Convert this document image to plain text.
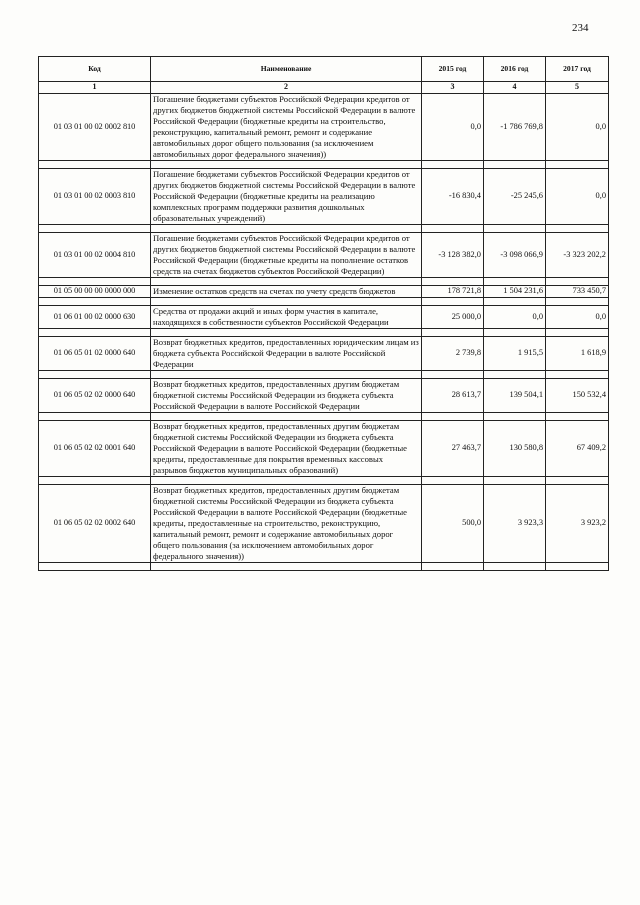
234
Код	Наименование	2015 год	2016 год	2017 год
1	2	3	4	5
01 03 01 00 02 0002 810	Погашение бюджетами субъектов Российской Федерации кредитов от других бюджетов бюджетной системы Российской Федерации в валюте Российской Федерации (бюджетные кредиты на строительство, реконструкцию, капитальный ремонт, ремонт и содержание автомобильных дорог общего пользования (за исключением автомобильных дорог федерального значения))	0,0	-1 786 769,8	0,0

01 03 01 00 02 0003 810	Погашение бюджетами субъектов Российской Федерации кредитов от других бюджетов бюджетной системы Российской Федерации в валюте Российской Федерации (бюджетные кредиты на реализацию комплексных программ поддержки развития дошкольных образовательных учреждений)	-16 830,4	-25 245,6	0,0

01 03 01 00 02 0004 810	Погашение бюджетами субъектов Российской Федерации кредитов от других бюджетов бюджетной системы Российской Федерации в валюте Российской Федерации (бюджетные кредиты на пополнение остатков средств на счетах бюджетов субъектов Российской Федерации)	-3 128 382,0	-3 098 066,9	-3 323 202,2

01 05 00 00 00 0000 000	Изменение остатков средств на счетах по учету средств бюджетов	178 721,8	1 504 231,6	733 450,7

01 06 01 00 02 0000 630	Средства от продажи акций и иных форм участия в капитале, находящихся в собственности субъектов Российской Федерации	25 000,0	0,0	0,0

01 06 05 01 02 0000 640	Возврат бюджетных кредитов, предоставленных юридическим лицам из бюджета субъекта Российской Федерации в валюте Российской Федерации	2 739,8	1 915,5	1 618,9

01 06 05 02 02 0000 640	Возврат бюджетных кредитов, предоставленных другим бюджетам бюджетной системы Российской Федерации из бюджета субъекта Российской Федерации в валюте Российской Федерации	28 613,7	139 504,1	150 532,4

01 06 05 02 02 0001 640	Возврат бюджетных кредитов, предоставленных другим бюджетам бюджетной системы Российской Федерации из бюджета субъекта Российской Федерации в валюте Российской Федерации (бюджетные кредиты, предоставленные для покрытия временных кассовых разрывов бюджетов муниципальных образований)	27 463,7	130 580,8	67 409,2

01 06 05 02 02 0002 640	Возврат бюджетных кредитов, предоставленных другим бюджетам бюджетной системы Российской Федерации из бюджета субъекта Российской Федерации в валюте Российской Федерации (бюджетные кредиты, предоставленные на строительство, реконструкцию, капитальный ремонт, ремонт и содержание автомобильных дорог общего пользования (за исключением автомобильных дорог федерального значения))	500,0	3 923,3	3 923,2
